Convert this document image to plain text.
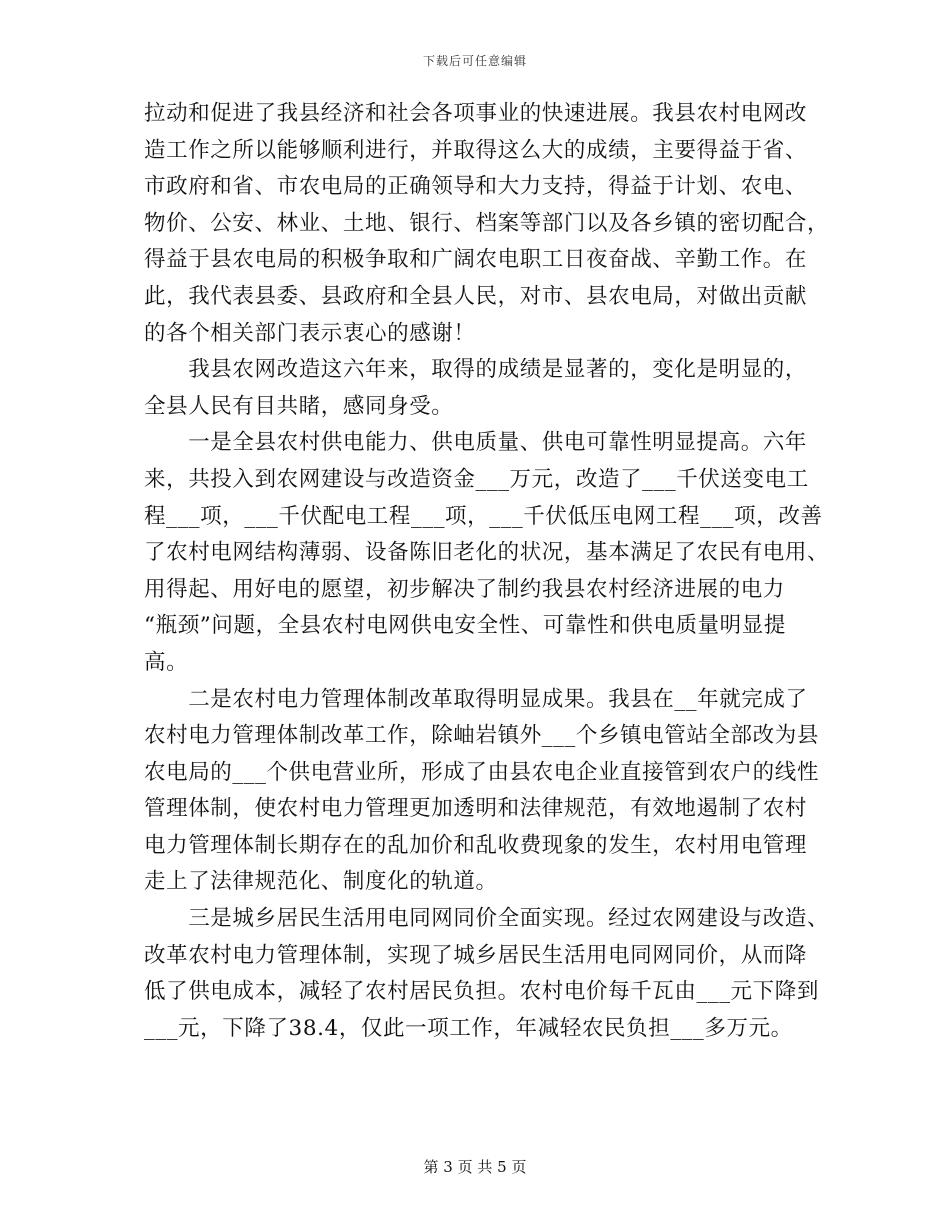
下载后可任意编辑
拉动和促进了我县经济和社会各项事业的快速进展。我县农村电网改
造工作之所以能够顺利进行，并取得这么大的成绩，主要得益于省、
市政府和省、市农电局的正确领导和大力支持，得益于计划、农电、
物价、公安、林业、土地、银行、档案等部门以及各乡镇的密切配合，
得益于县农电局的积极争取和广阔农电职工日夜奋战、辛勤工作。在
此，我代表县委、县政府和全县人民，对市、县农电局，对做出贡献
的各个相关部门表示衷心的感谢！
　　我县农网改造这六年来，取得的成绩是显著的，变化是明显的，
全县人民有目共睹，感同身受。
　　一是全县农村供电能力、供电质量、供电可靠性明显提高。六年
来，共投入到农网建设与改造资金___万元，改造了___千伏送变电工
程___项，___千伏配电工程___项，___千伏低压电网工程___项，改善
了农村电网结构薄弱、设备陈旧老化的状况，基本满足了农民有电用、
用得起、用好电的愿望，初步解决了制约我县农村经济进展的电力
“瓶颈”问题，全县农村电网供电安全性、可靠性和供电质量明显提
高。
　　二是农村电力管理体制改革取得明显成果。我县在__年就完成了
农村电力管理体制改革工作，除岫岩镇外___个乡镇电管站全部改为县
农电局的___个供电营业所，形成了由县农电企业直接管到农户的线性
管理体制，使农村电力管理更加透明和法律规范，有效地遏制了农村
电力管理体制长期存在的乱加价和乱收费现象的发生，农村用电管理
走上了法律规范化、制度化的轨道。
　　三是城乡居民生活用电同网同价全面实现。经过农网建设与改造、
改革农村电力管理体制，实现了城乡居民生活用电同网同价，从而降
低了供电成本，减轻了农村居民负担。农村电价每千瓦由___元下降到
___元，下降了38.4，仅此一项工作，年减轻农民负担___多万元。
第 3 页 共 5 页
